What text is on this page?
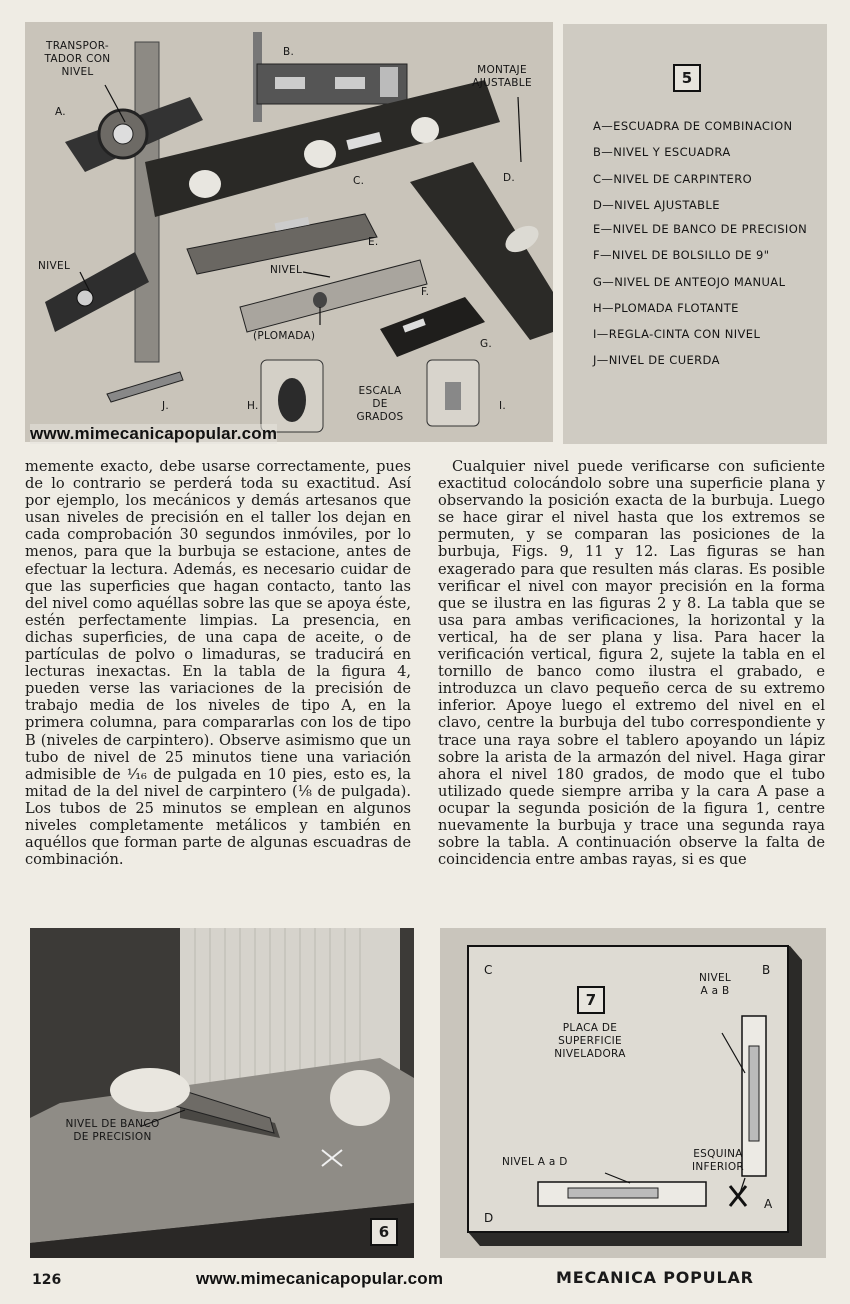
TRANSPOR-
TADOR CON
NIVEL
A.
B.
MONTAJE
AJUSTABLE
C.	D.
E.
NIVEL	NIVEL
F.
(PLOMADA)
G.
ESCALA
DE
GRADOS
H.	I.
J.
www.mimecanicapopular.com
5
A—ESCUADRA DE COMBINACION
B—NIVEL Y ESCUADRA
C—NIVEL DE CARPINTERO
D—NIVEL AJUSTABLE
E—NIVEL DE BANCO DE PRECISION
F—NIVEL DE BOLSILLO DE 9"
G—NIVEL DE ANTEOJO MANUAL
H—PLOMADA FLOTANTE
I—REGLA-CINTA CON NIVEL
J—NIVEL DE CUERDA

memente exacto, debe usarse correctamente, pues de lo contrario se perderá toda su exactitud. Así por ejemplo, los mecánicos y demás artesanos que usan niveles de precisión en el taller los dejan en cada comprobación 30 segundos inmóviles, por lo menos, para que la burbuja se estacione, antes de efectuar la lectura. Además, es necesario cuidar de que las superficies que hagan contacto, tanto las del nivel como aquéllas sobre las que se apoya éste, estén perfectamente limpias. La presencia, en dichas superficies, de una capa de aceite, o de partículas de polvo o limaduras, se traducirá en lecturas inexactas. En la tabla de la figura 4, pueden verse las variaciones de la precisión de trabajo media de los niveles de tipo A, en la primera columna, para compararlas con los de tipo B (niveles de carpintero). Observe asimismo que un tubo de nivel de 25 minutos tiene una variación admisible de ¹⁄₁₆ de pulgada en 10 pies, esto es, la mitad de la del nivel de carpintero (⅛ de pulgada). Los tubos de 25 minutos se emplean en algunos niveles completamente metálicos y también en aquéllos que forman parte de algunas escuadras de combinación.

Cualquier nivel puede verificarse con suficiente exactitud colocándolo sobre una superficie plana y observando la posición exacta de la burbuja. Luego se hace girar el nivel hasta que los extremos se permuten, y se comparan las posiciones de la burbuja, Figs. 9, 11 y 12. Las figuras se han exagerado para que resulten más claras. Es posible verificar el nivel con mayor precisión en la forma que se ilustra en las figuras 2 y 8. La tabla que se usa para ambas verificaciones, la horizontal y la vertical, ha de ser plana y lisa. Para hacer la verificación vertical, figura 2, sujete la tabla en el tornillo de banco como ilustra el grabado, e introduzca un clavo pequeño cerca de su extremo inferior. Apoye luego el extremo del nivel en el clavo, centre la burbuja del tubo correspondiente y trace una raya sobre el tablero apoyando un lápiz sobre la arista de la armazón del nivel. Haga girar ahora el nivel 180 grados, de modo que el tubo utilizado quede siempre arriba y la cara A pase a ocupar la segunda posición de la figura 1, centre nuevamente la burbuja y trace una segunda raya sobre la tabla. A continuación observe la falta de coincidencia entre ambas rayas, si es que

NIVEL DE BANCO
DE PRECISION
6
C	B
D
A
7
PLACA DE
SUPERFICIE
NIVELADORA
NIVEL
A a B
NIVEL A a D
ESQUINA
INFERIOR
126	www.mimecanicapopular.com	MECANICA POPULAR
